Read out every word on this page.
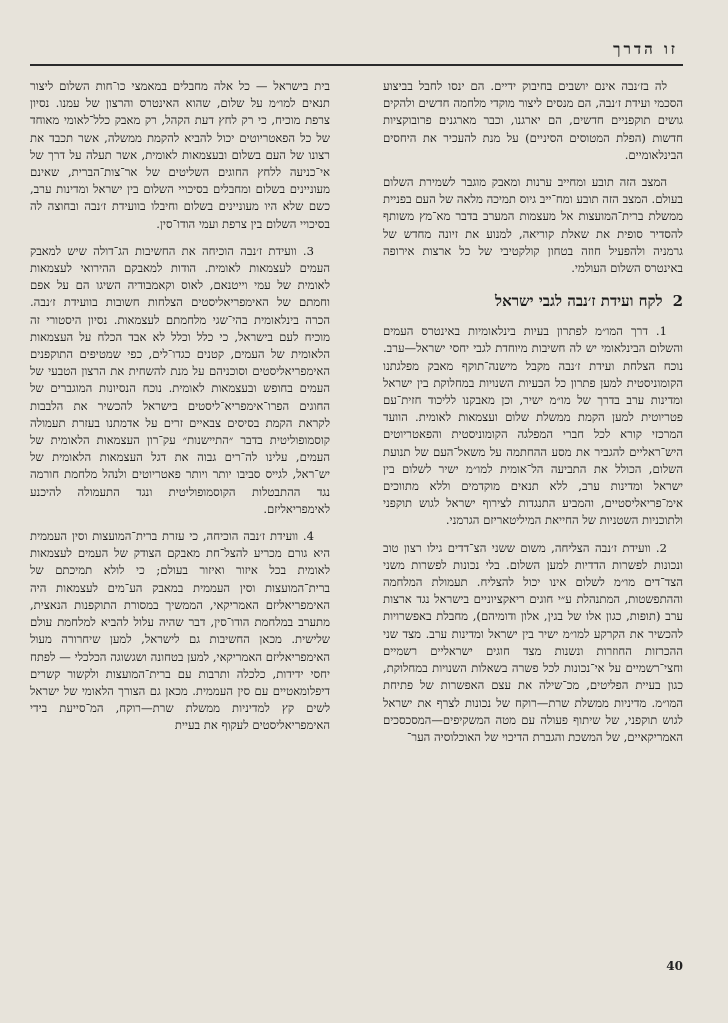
זו הדרך

לה בז׳נבה אינם יושבים בחיבוק ידיים. הם ינסו לחבל בביצוע הסכמי ועידת ז׳נבה, הם מנסים ליצור מוקדי מלחמה חדשים ולהקים גושים תוקפניים חדשים, הם יארגנו, וכבר מארגנים פרובוקציות חדשות (הפלת המטוסים הסיניים) על מנת להעכיר את היחסים הבינלאומיים.

המצב הזה תובע ומחייב ערנות ומאבק מוגבר לשמירת השלום בעולם. המצב הזה תובע ומח־ייב גיוס תמיכה מלאה של העם בפניית ממשלת ברית־המועצות אל מעצמות המערב בדבר מא־מץ משותף להסדיר סופית את שאלת קוריאה, למנוע את זיונה מחדש של גרמניה ולהפעיל חוזה בטחון קולקטיבי של כל ארצות אירופה באינטרס השלום העולמי.

2לקח ועידת ז׳נבה לגבי ישראל

1. דרך המו״מ לפתרון בעיות בינלאומיות באינטרס העמים והשלום הבינלאומי יש לה חשיבות מיוחדת לגבי יחסי ישראל—ערב. נוכח הצלחת ועידת ז׳נבה מקבל מישנה־תוקף מאבק מפלגתנו הקומוניסטית למען פתרון כל הבעיות השנויות במחלוקת בין ישראל ומדינות ערב בדרך של מו״מ ישיר, וכן מאבקנו לליכוד חזית־עם פטריוטית למען הקמת ממשלת שלום ועצמאות לאומית. הוועד המרכזי קורא לכל חברי המפלגה הקומוניסטית והפאטריוטים היש־ראליים להגביר את מסע ההחתמה על משאל־העם של תנועת השלום, הכולל את התביעה הל־אומית למו״מ ישיר לשלום בין ישראל ומדינות ערב, ללא תנאים מוקדמים וללא מתווכים אימ־פריאליסטיים, והמביע התנגדות לצירוף ישראל לגוש תוקפני ולתוכניות השטניות של החייאת המיליטאריזם הגרמני.

2. וועידת ז׳נבה הצליחה, משום ששני הצ־דדים גילו רצון טוב ונכונות לפשרות הדדיות למען השלום. בלי נכונות לפשרות משני הצד־דים מו״מ לשלום אינו יכול להצליח. תעמולת המלחמה וההתפשטות, המתנהלת ע״י חוגים ריאקציוניים בישראל נגד ארצות ערב (תופות, כגון אלו של בגין, אלון ודומיהם), מחבלת באפשרויות להכשיר את הקרקע למו״מ ישיר בין ישראל ומדינות ערב. מצד שני ההכרזות החוזרות ונשנות מצד חוגים ישראליים רשמיים וחצי־רשמיים על אי־נכונות לכל פשרה בשאלות השנויות במחלוקת, כגון בעיית הפליטים, מכ־שילה את עצם האפשרות של פתיחת המו״מ. מדיניות ממשלת שרת—רוקח של נכונות לצרף את ישראל לגוש תוקפני, של שיתוף פעולה עם מטה המשקיפים—המסכסכים האמריקאיים, של המשכת והגברת הדיכוי של האוכלוסיה הער־

בית בישראל — כל אלה מחבלים במאמצי כו־חות השלום ליצור תנאים למו״מ על שלום, שהוא האינטרס והרצון של עמנו. נסיון צרפת מוכיח, כי רק לחץ דעת הקהל, רק מאבק כלל־לאומי מאוחד של כל הפאטריוטים יכול להביא להקמת ממשלה, אשר תכבד את רצונו של העם בשלום ובעצמאות לאומית, אשר תעלה על דרך של אי־כניעה ללחץ החוגים השליטים של אר־צות־הברית, שאינם מעוניינים בשלום ומחבלים בסיכויי השלום בין ישראל ומדינות ערב, כשם שלא היו מעוניינים בשלום וחיבלו בוועידת ז׳נבה ובחוצה לה בסיכויי השלום בין צרפת ועמי הודו־סין.

3. וועידת ז׳נבה הוכיחה את החשיבות הג־דולה שיש למאבק העמים לעצמאות לאומית. הודות למאבקם ההירואי לעצמאות לאומית של עמי וייטנאם, לאוס וקאמבודיה השיגו הם על אפם וחמתם של האימפריאליסטים הצלחות חשובות בוועידת ז׳נבה. הכרה בינלאומית בהי־שגי מלחמתם לעצמאות. נסיון היסטורי זה מוכיח לעם בישראל, כי כלל וכלל לא אבד הכלח על העצמאות הלאומית של העמים, קטנים כגדו־לים, כפי שמטיפים התוקפנים האימפריאליסטים וסוכניהם על מנת להשחית את הרצון הטבעי של העמים בחופש ובעצמאות לאומית. נוכח הנסיונות המוגברים של החוגים הפרו־אימפריא־ליסטים בישראל להכשיר את הלבבות לקראת הקמת בסיסים צבאיים זרים על אדמתנו בעזרת תעמולה קוסמופוליטית בדבר ״התיישנות״ עק־רון העצמאות הלאומית של העמים, עלינו לה־רים גבוה את דגל העצמאות הלאומית של יש־ראל, לגייס סביבו יותר ויותר פאטריוטים ולנהל מלחמת חורמה נגד ההתבטלות הקוסמופוליטית ונגד התעמולה להיכנע לאימפריאליזם.

4. וועידת ז׳נבה הוכיחה, כי עזרת ברית־המועצות וסין העממית היא גורם מכריע להצל־חת מאבקם הצודק של העמים לעצמאות לאומית בכל איזור ואיזור בעולם; כי לולא תמיכתם של ברית־המועצות וסין העממית במאבק הע־מים לעצמאות היה האימפריאליזם האמריקאי, הממשיך במסורת התוקפנות הנאצית, מתערב במלחמת הודו־סין, דבר שהיה עלול להביא למלחמת עולם שלישית. מכאן החשיבות גם לישראל, למען שיחרורה מעול האימפריאליזם האמריקאי, למען בטחונה ושגשוגה הכלכלי — לפתח יחסי ידידות, כלכלה ותרבות עם ברית־המועצות ולקשור קשרים דיפלומאטיים עם סין העממית. מכאן גם הצורך הלאומי של ישראל לשים קץ למדיניות ממשלת שרת—רוקח, המ־סייעת בידי האימפריאליסטים לעקוף את בעיית

40
